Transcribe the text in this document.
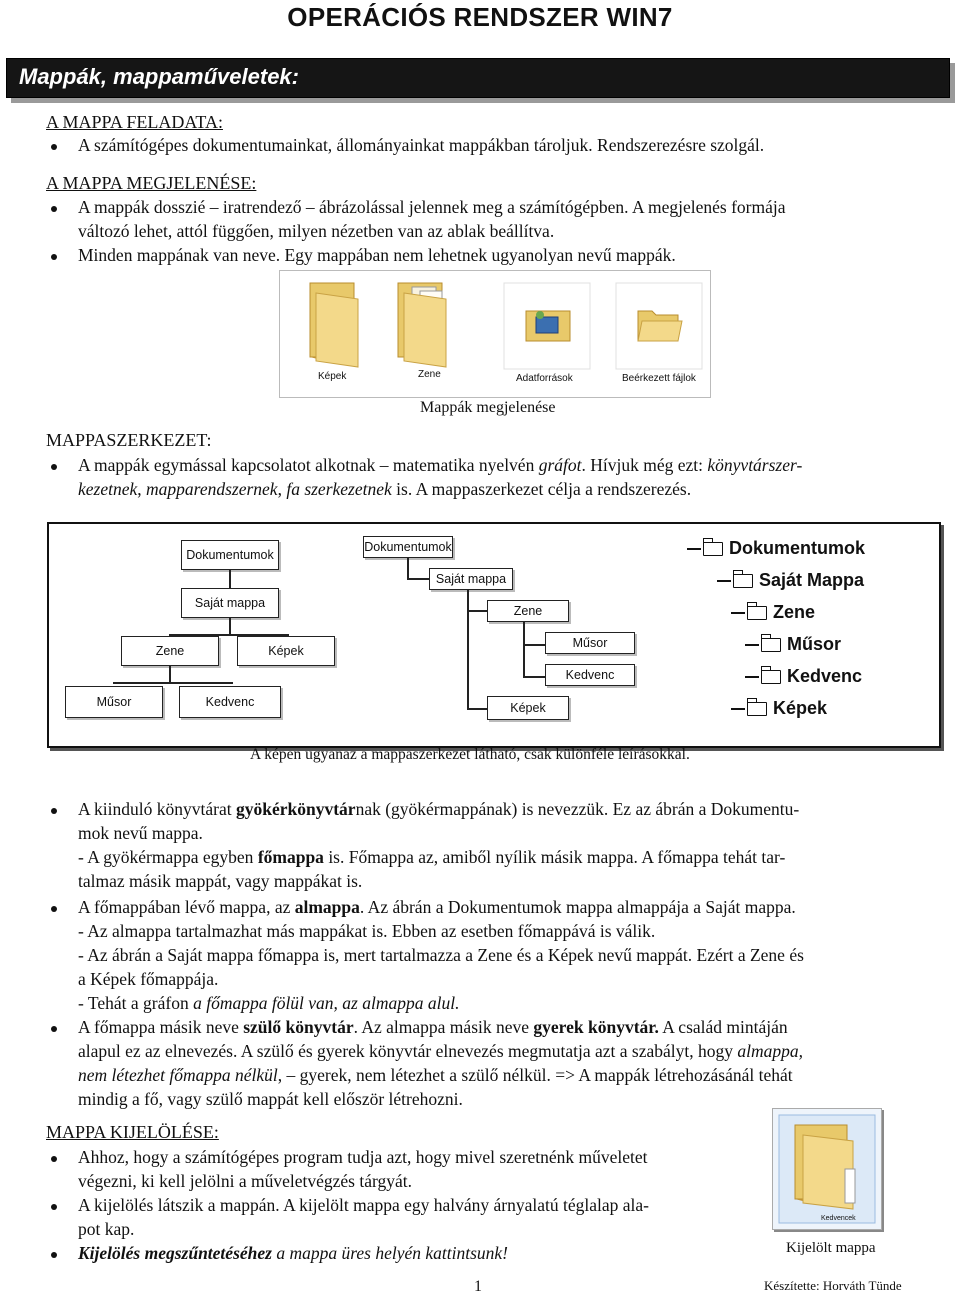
OPERÁCIÓS RENDSZER WIN7
Mappák, mappaműveletek:
A MAPPA FELADATA:
A számítógépes dokumentumainkat, állományainkat mappákban tároljuk. Rendszerezésre szolgál.
A MAPPA MEGJELENÉSE:
A mappák dosszié – iratrendező – ábrázolással jelennek meg a számítógépben. A megjelenés formája
változó lehet, attól függően, milyen nézetben van az ablak beállítva.
Minden mappának van neve. Egy mappában nem lehetnek ugyanolyan nevű mappák.
Képek	Zene	Adatforrások	Beérkezett fájlok
Mappák megjelenése
MAPPASZERKEZET:
A mappák egymással kapcsolatot alkotnak – matematika nyelvén gráfot. Hívjuk még ezt: könyvtárszer-
kezetnek, mapparendszernek, fa szerkezetnek is. A mappaszerkezet célja a rendszerezés.
Dokumentumok
Saját mappa
Zene	Képek
Műsor	Kedvenc
Dokumentumok
Saját mappa
Zene
Műsor
Kedvenc
Képek
Dokumentumok
Saját Mappa
Zene
Műsor
Kedvenc
Képek
A képen ugyanaz a mappaszerkezet látható, csak különféle leírásokkal.
A kiinduló könyvtárat gyökérkönyvtárnak (gyökérmappának) is nevezzük. Ez az ábrán a Dokumentu-
mok nevű mappa.
- A gyökérmappa egyben főmappa is. Főmappa az, amiből nyílik másik mappa. A főmappa tehát tar-
talmaz másik mappát, vagy mappákat is.
A főmappában lévő mappa, az almappa. Az ábrán a Dokumentumok mappa almappája a Saját mappa.
- Az almappa tartalmazhat más mappákat is. Ebben az esetben főmappává is válik.
- Az ábrán a Saját mappa főmappa is, mert tartalmazza a Zene és a Képek nevű mappát. Ezért a Zene és
a Képek főmappája.
- Tehát a gráfon a főmappa fölül van, az almappa alul.
A főmappa másik neve szülő könyvtár. Az almappa másik neve gyerek könyvtár. A család mintáján
alapul ez az elnevezés. A szülő és gyerek könyvtár elnevezés megmutatja azt a szabályt, hogy almappa,
nem létezhet főmappa nélkül, – gyerek, nem létezhet a szülő nélkül. => A mappák létrehozásánál tehát
mindig a fő, vagy szülő mappát kell először létrehozni.
MAPPA KIJELÖLÉSE:
Ahhoz, hogy a számítógépes program tudja azt, hogy mivel szeretnénk műveletet
végezni, ki kell jelölni a műveletvégzés tárgyát.
A kijelölés látszik a mappán. A kijelölt mappa egy halvány árnyalatú téglalap ala-
pot kap.
Kijelölés megszűntetéséhez a mappa üres helyén kattintsunk!
Kedvencek
Kijelölt mappa
1	Készítette: Horváth Tünde
